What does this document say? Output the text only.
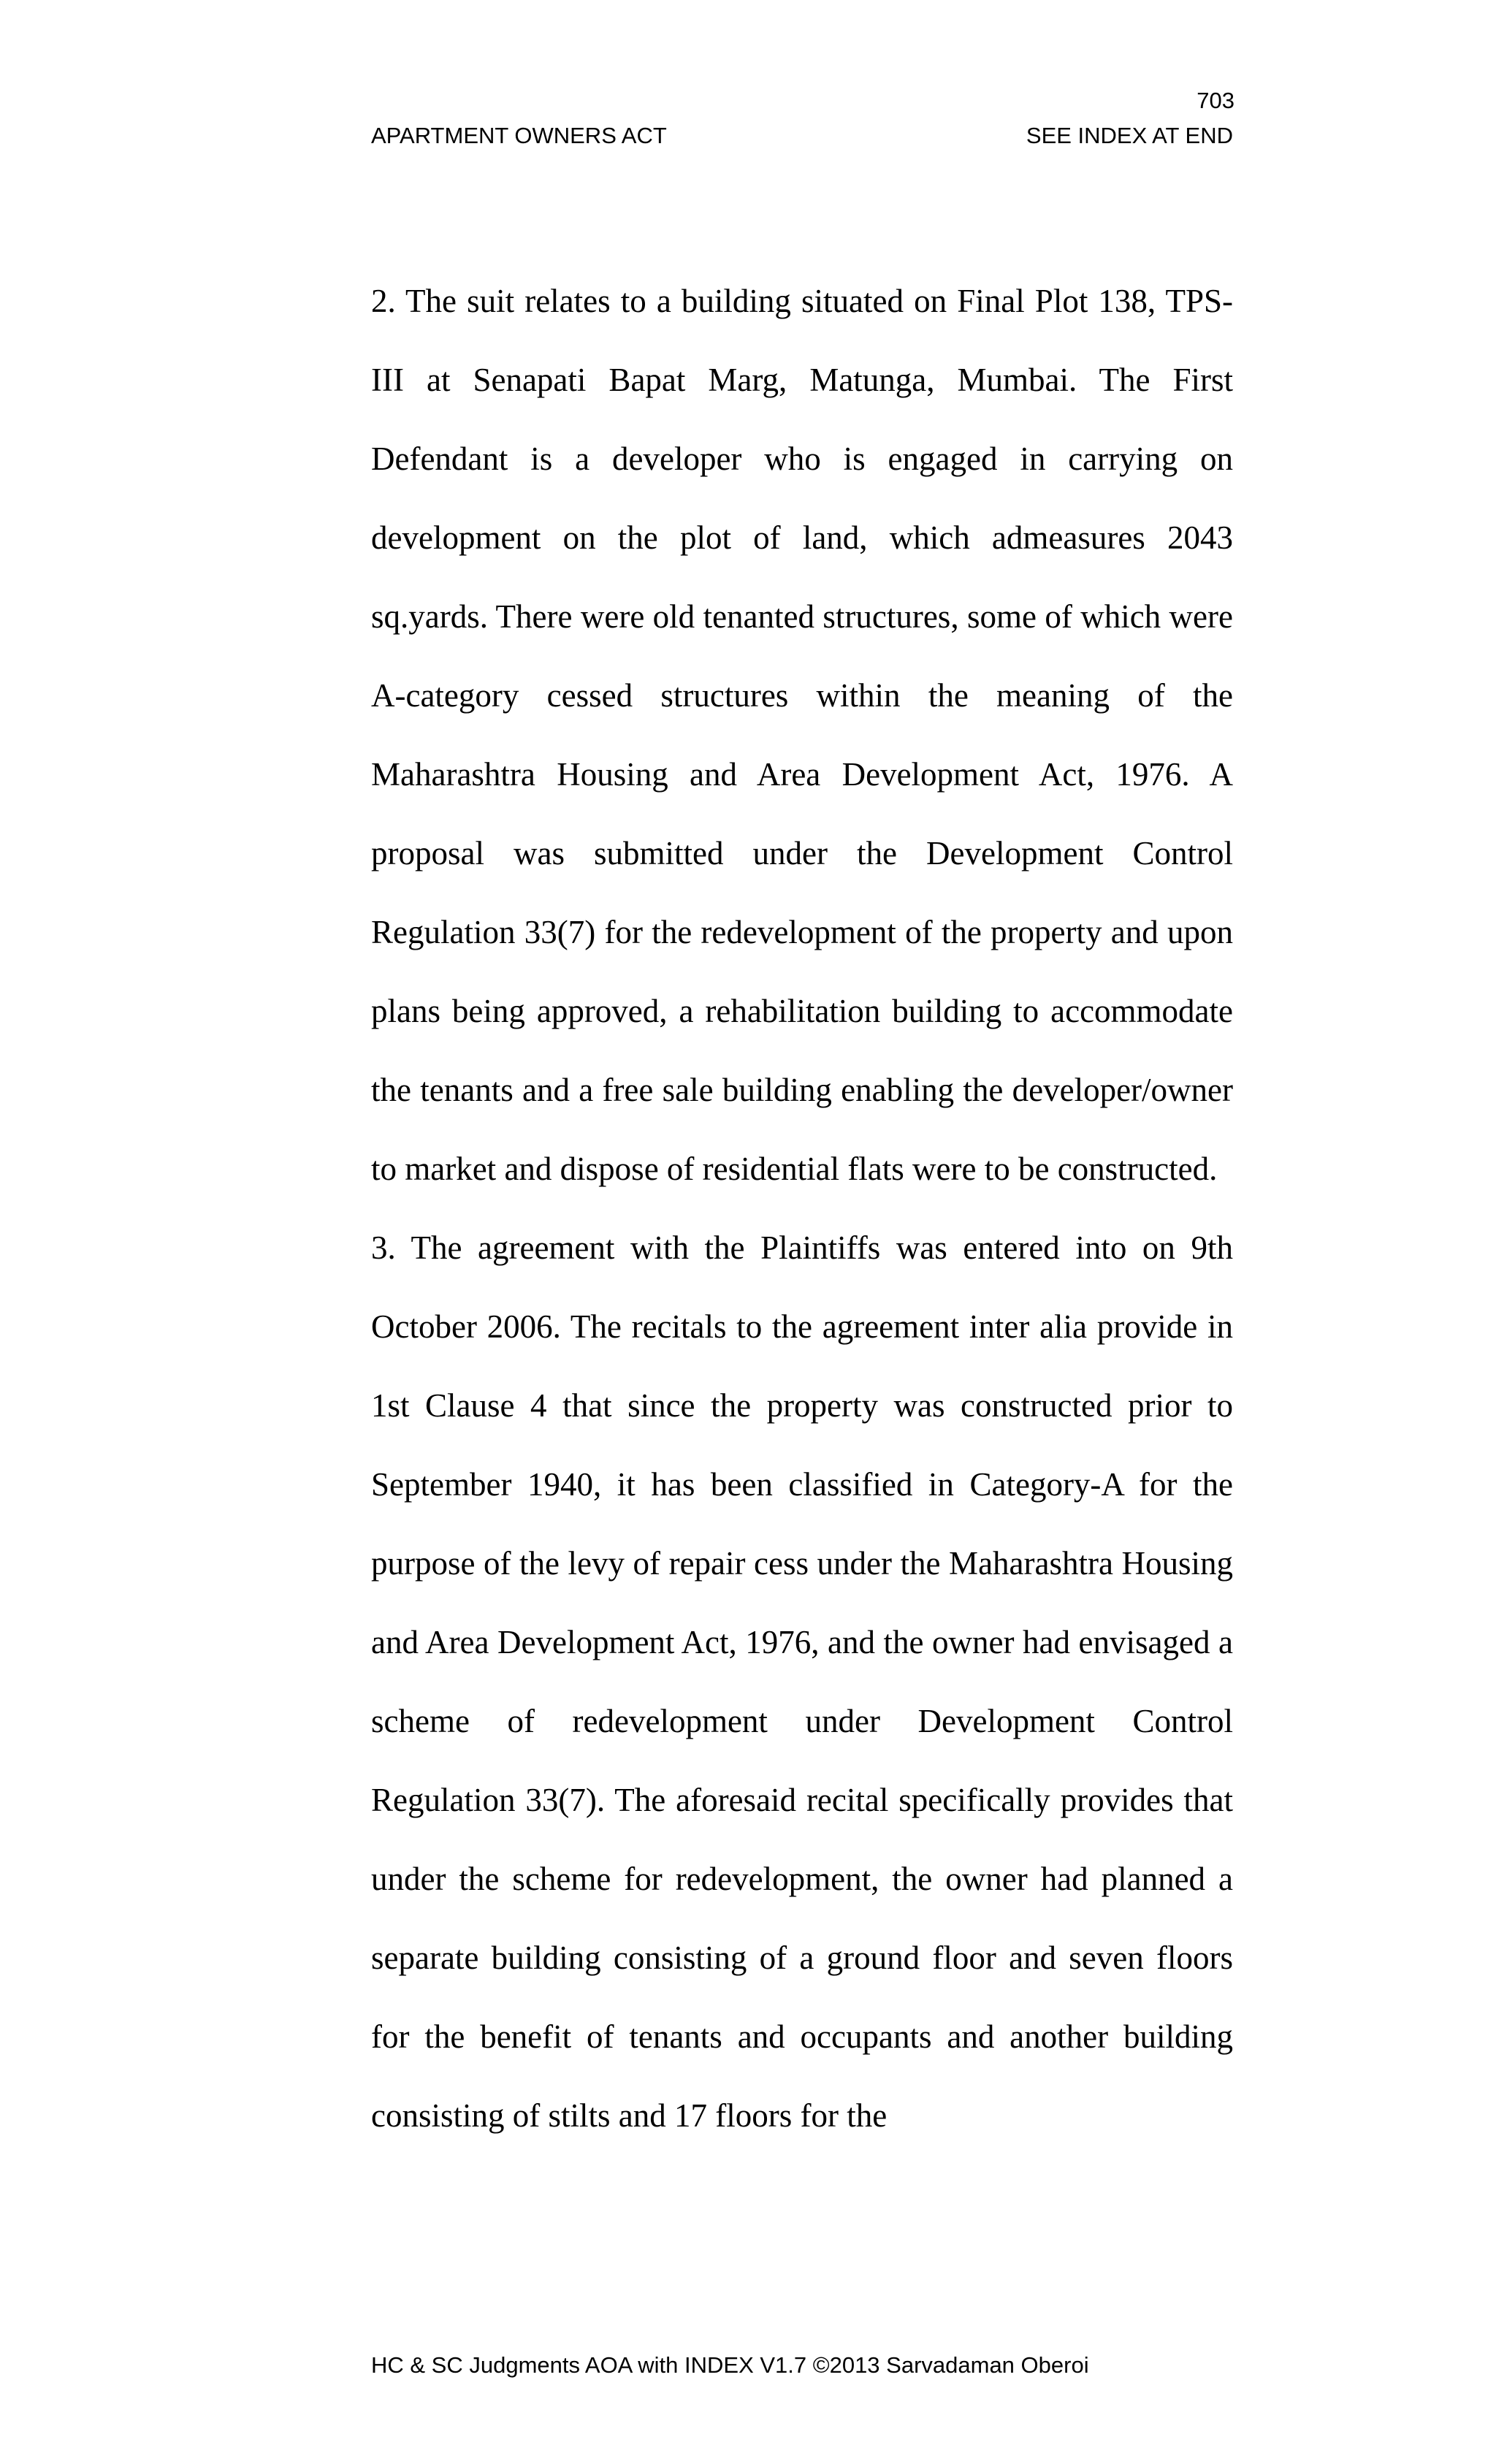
703
APARTMENT OWNERS ACT	SEE INDEX AT END

2. The suit relates to a building situated on Final Plot 138, TPS-III at Senapati Bapat Marg, Matunga, Mumbai. The First Defendant is a developer who is engaged in carrying on development on the plot of land, which admeasures 2043 sq.yards. There were old tenanted structures, some of which were A-category cessed structures within the meaning of the Maharashtra Housing and Area Development Act, 1976. A proposal was submitted under the Development Control Regulation 33(7) for the redevelopment of the property and upon plans being approved, a rehabilitation building to accommodate the tenants and a free sale building enabling the developer/owner to market and dispose of residential flats were to be constructed.

3. The agreement with the Plaintiffs was entered into on 9th October 2006. The recitals to the agreement inter alia provide in 1st Clause 4 that since the property was constructed prior to September 1940, it has been classified in Category-A for the purpose of the levy of repair cess under the Maharashtra Housing and Area Development Act, 1976, and the owner had envisaged a scheme of redevelopment under Development Control Regulation 33(7). The aforesaid recital specifically provides that under the scheme for redevelopment, the owner had planned a separate building consisting of a ground floor and seven floors for the benefit of tenants and occupants and another building consisting of stilts and 17 floors for the

HC & SC Judgments AOA with INDEX V1.7 ©2013 Sarvadaman Oberoi
